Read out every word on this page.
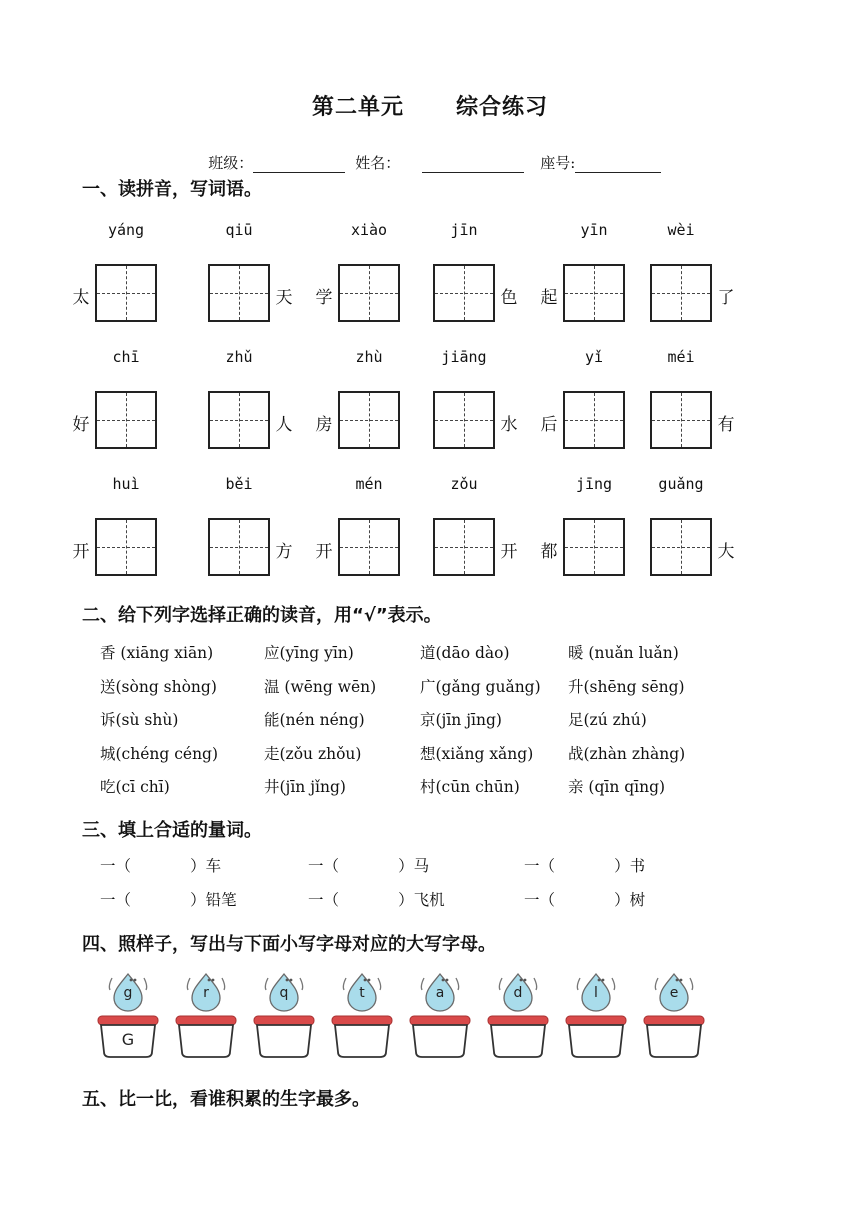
第二单元      综合练习

班级：	姓名：	座号:

一、读拼音，写词语。
yáng
太
qiū
天
xiào
学
jīn
色
yīn
起
wèi
了
chī
好
zhǔ
人
zhù
房
jiāng
水
yǐ
后
méi
有
huì
开
běi
方
mén
开
zǒu
开
jīng
都
guǎng
大
二、给下列字选择正确的读音，用“√”表示。
香 (xiāng xiān)	应(yīng yīn)	道(dāo dào)	暖 (nuǎn luǎn)
送(sòng shòng)	温 (wēng wēn)	广(gǎng guǎng) 升(shēng sēng)
诉(sù shù)	能(nén néng)	京(jīn jīng)	足(zú zhú)
城(chéng céng)	走(zǒu zhǒu)	想(xiǎng xǎng) 战(zhàn zhàng)
吃(cī chī)	井(jīn jǐng)	村(cūn chūn)	亲 (qīn qīng)
三、填上合适的量词。
一（            ）车	一（            ）马	一（            ）书
一（            ）铅笔	一（            ）飞机	一（            ）树
四、照样子，写出与下面小写字母对应的大写字母。
g
G
r	q	t	a	d	l	e
五、比一比，看谁积累的生字最多。
